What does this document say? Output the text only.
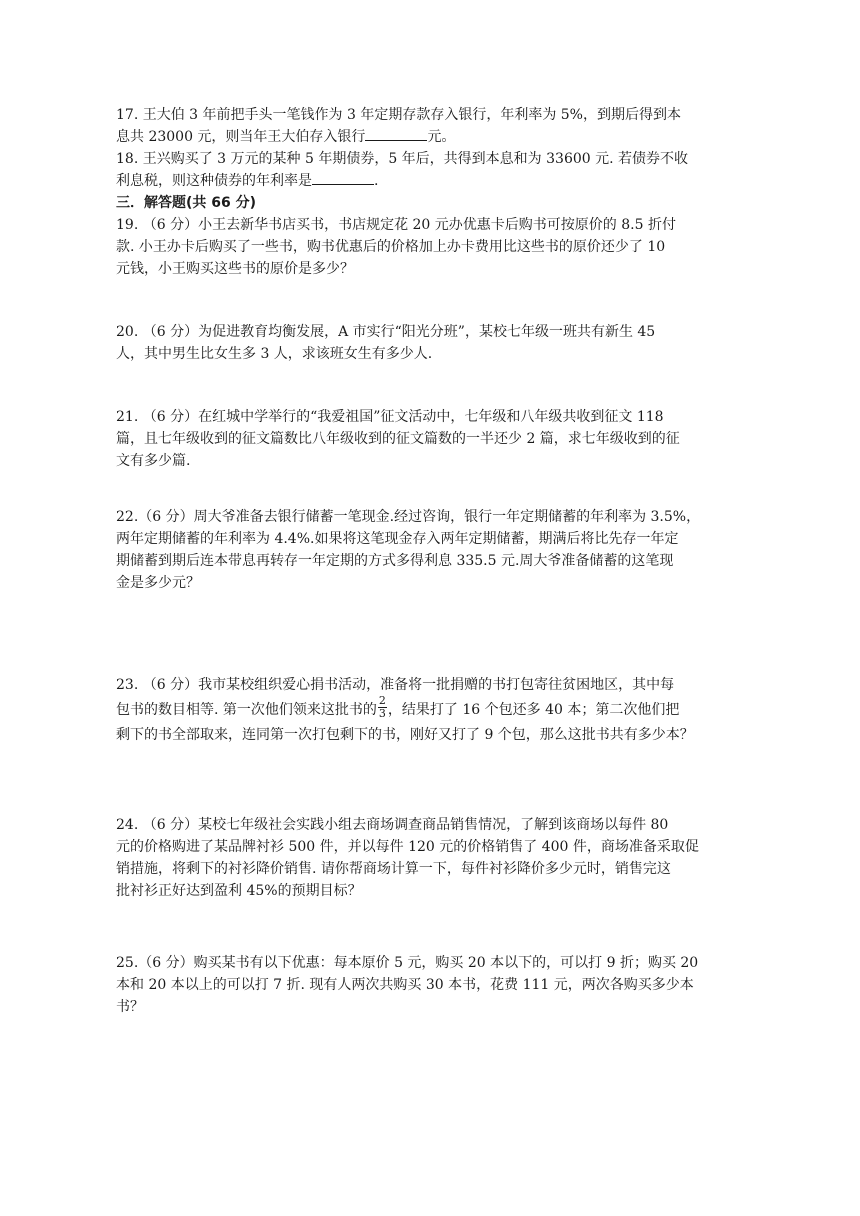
17. 王大伯 3 年前把手头一笔钱作为 3 年定期存款存入银行，年利率为 5%，到期后得到本
息共 23000 元，则当年王大伯存入银行	元。
18. 王兴购买了 3 万元的某种 5 年期债券，5 年后，共得到本息和为 33600 元. 若债券不收
利息税，则这种债券的年利率是	.
三．解答题(共 66 分)
19. （6 分）小王去新华书店买书，书店规定花 20 元办优惠卡后购书可按原价的 8.5 折付
款. 小王办卡后购买了一些书，购书优惠后的价格加上办卡费用比这些书的原价还少了 10
元钱，小王购买这些书的原价是多少？
20. （6 分）为促进教育均衡发展，A 市实行“阳光分班”，某校七年级一班共有新生 45
人，其中男生比女生多 3 人，求该班女生有多少人.
21. （6 分）在红城中学举行的“我爱祖国”征文活动中，七年级和八年级共收到征文 118
篇，且七年级收到的征文篇数比八年级收到的征文篇数的一半还少 2 篇，求七年级收到的征
文有多少篇.
22.（6 分）周大爷准备去银行储蓄一笔现金.经过咨询，银行一年定期储蓄的年利率为 3.5%，
两年定期储蓄的年利率为 4.4%.如果将这笔现金存入两年定期储蓄，期满后将比先存一年定
期储蓄到期后连本带息再转存一年定期的方式多得利息 335.5 元.周大爷准备储蓄的这笔现
金是多少元？
23. （6 分）我市某校组织爱心捐书活动，准备将一批捐赠的书打包寄往贫困地区，其中每
包书的数目相等. 第一次他们领来这批书的 $\frac{2}{3}$ ，结果打了 16 个包还多 40 本；第二次他们把
剩下的书全部取来，连同第一次打包剩下的书，刚好又打了 9 个包，那么这批书共有多少本？
24. （6 分）某校七年级社会实践小组去商场调查商品销售情况，了解到该商场以每件 80
元的价格购进了某品牌衬衫 500 件，并以每件 120 元的价格销售了 400 件，商场准备采取促
销措施，将剩下的衬衫降价销售. 请你帮商场计算一下，每件衬衫降价多少元时，销售完这
批衬衫正好达到盈利 45%的预期目标？
25.（6 分）购买某书有以下优惠：每本原价 5 元，购买 20 本以下的，可以打 9 折；购买 20
本和 20 本以上的可以打 7 折. 现有人两次共购买 30 本书，花费 111 元，两次各购买多少本
书？
